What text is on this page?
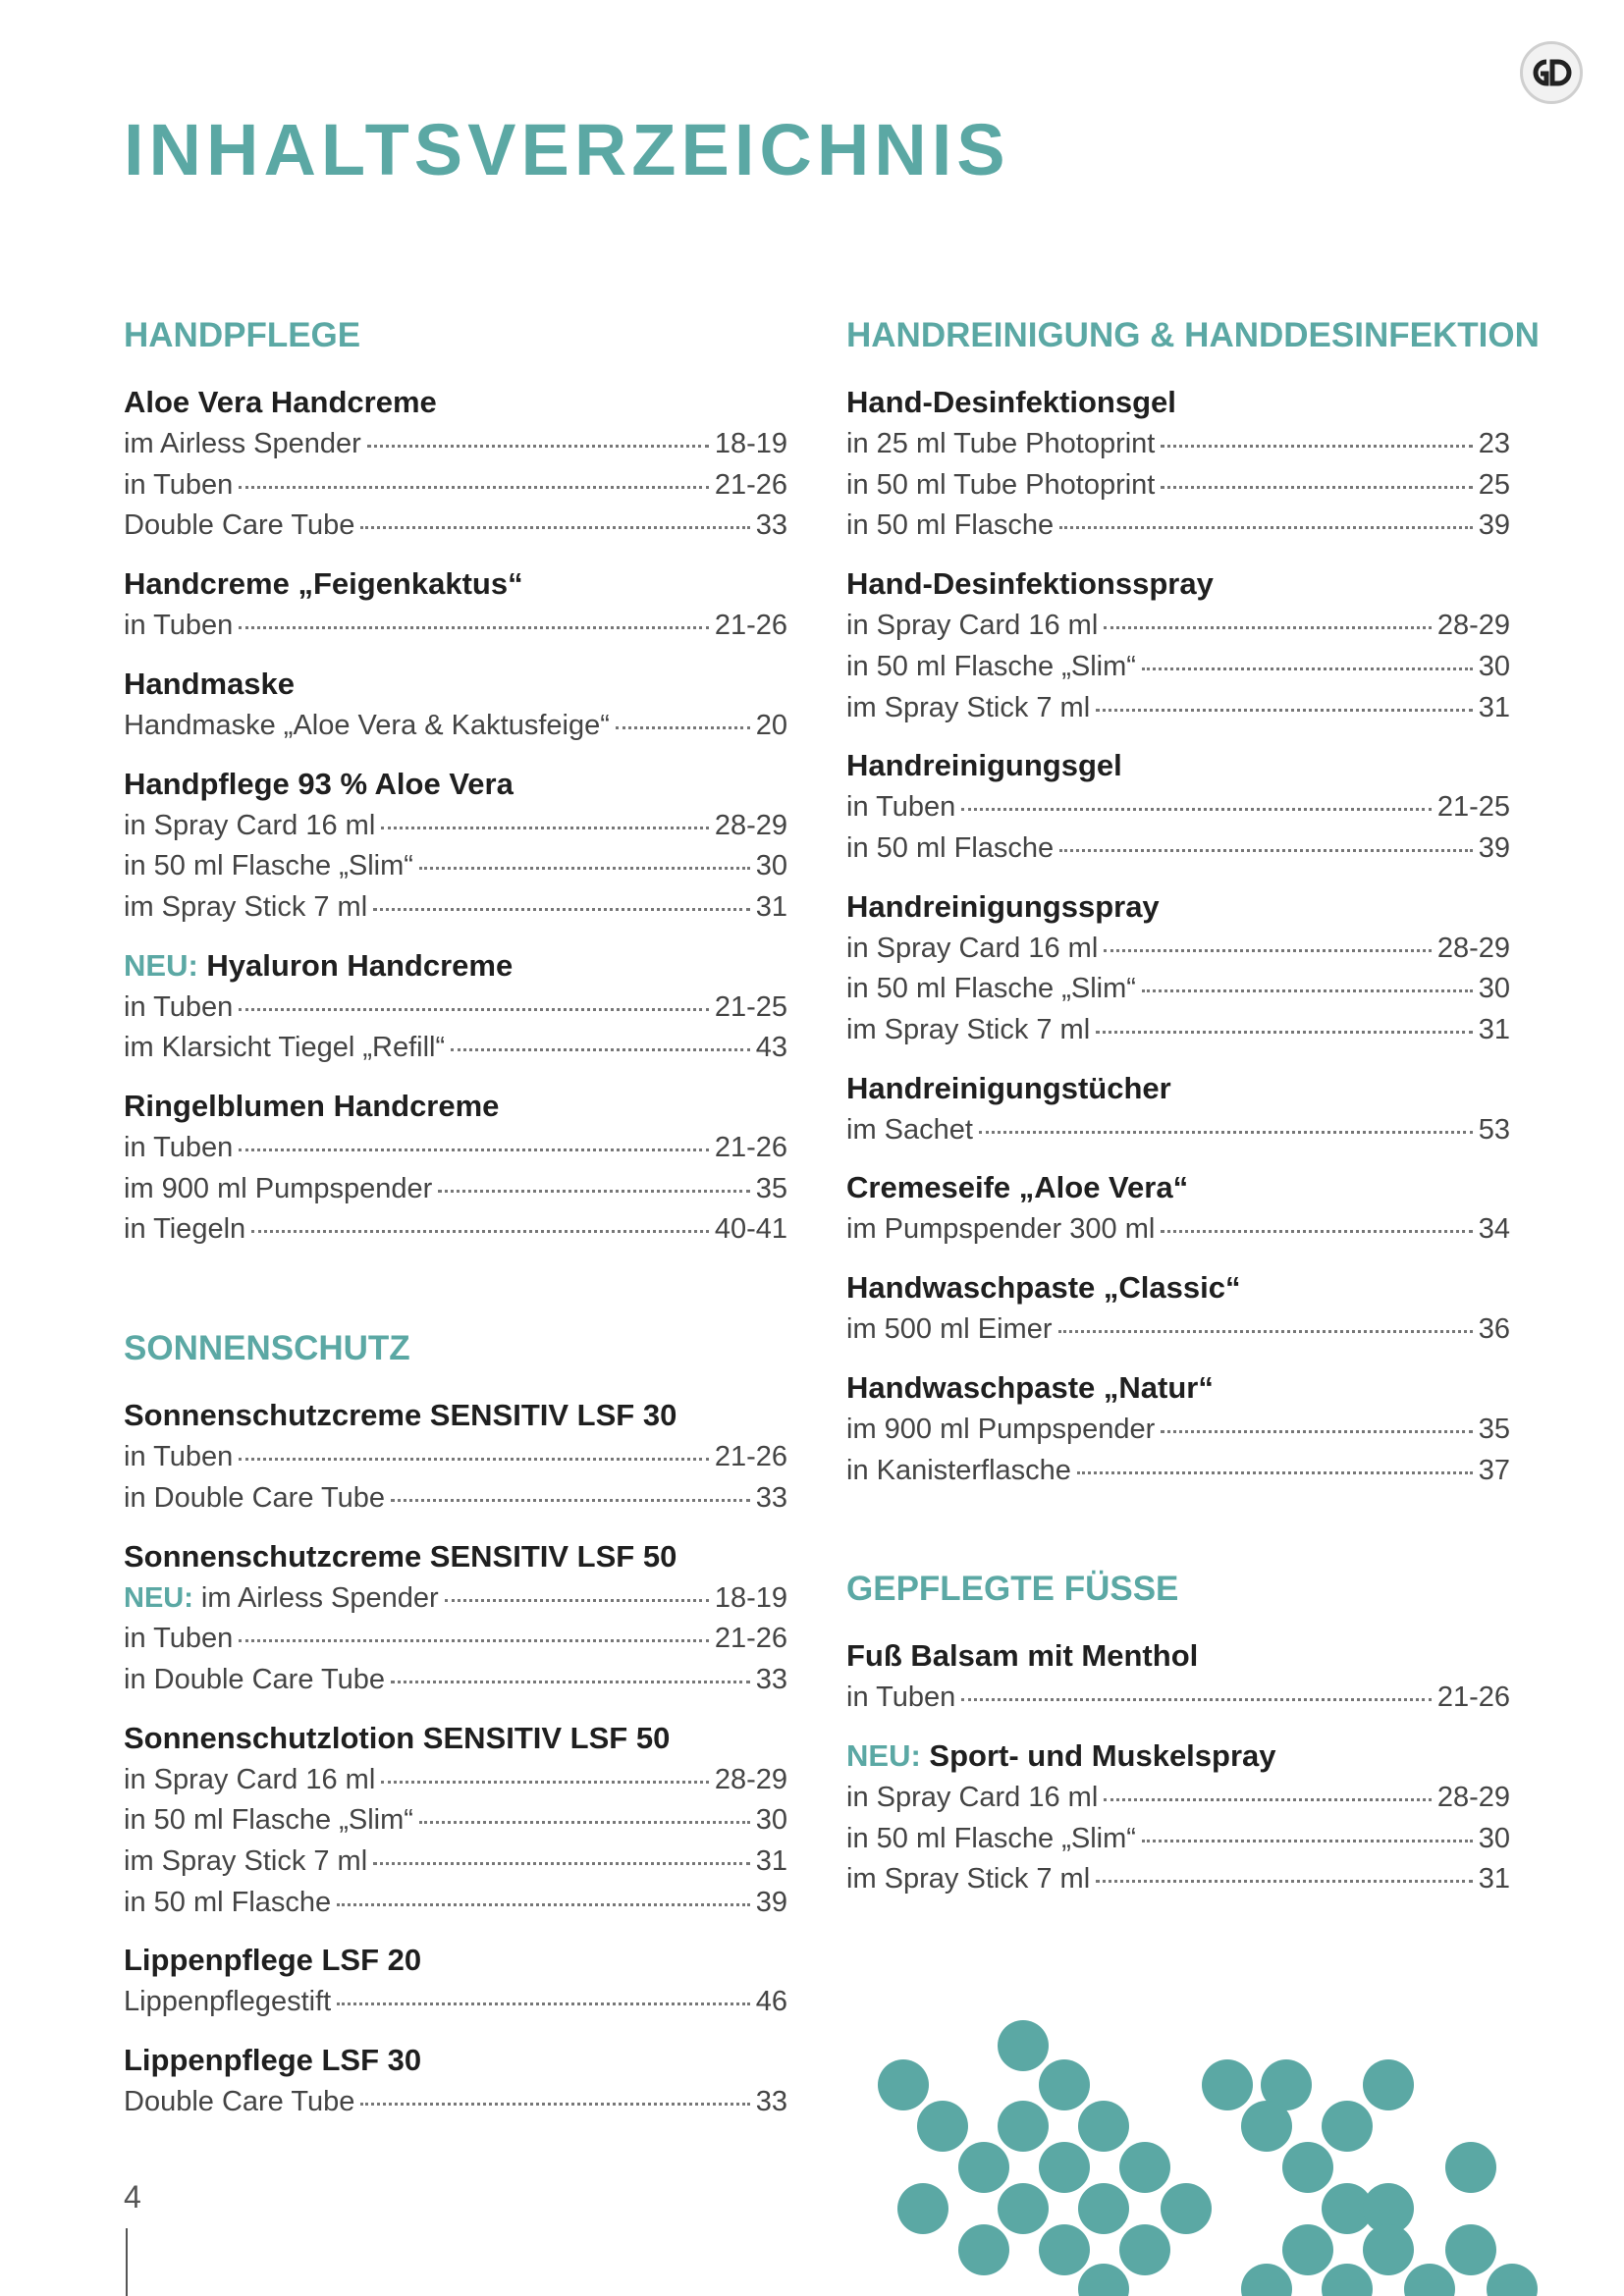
INHALTSVERZEICHNIS
HANDPFLEGE
Aloe Vera Handcreme
im Airless Spender	18-19
in Tuben	21-26
Double Care Tube	33
Handcreme „Feigenkaktus“
in Tuben	21-26
Handmaske
Handmaske „Aloe Vera & Kaktusfeige“	20
Handpflege 93 % Aloe Vera
in Spray Card 16 ml	28-29
in 50 ml Flasche „Slim“	30
im Spray Stick 7 ml	31
NEU: Hyaluron Handcreme
in Tuben	21-25
im Klarsicht Tiegel „Refill“	43
Ringelblumen Handcreme
in Tuben	21-26
im 900 ml Pumpspender	35
in Tiegeln	40-41
SONNENSCHUTZ
Sonnenschutzcreme SENSITIV LSF 30
in Tuben	21-26
in Double Care Tube	33
Sonnenschutzcreme SENSITIV LSF 50
NEU: im Airless Spender	18-19
in Tuben	21-26
in Double Care Tube	33
Sonnenschutzlotion SENSITIV LSF 50
in Spray Card 16 ml	28-29
in 50 ml Flasche „Slim“	30
im Spray Stick 7 ml	31
in 50 ml Flasche	39
Lippenpflege LSF 20
Lippenpflegestift	46
Lippenpflege LSF 30
Double Care Tube	33
HANDREINIGUNG & HANDDESINFEKTION
Hand-Desinfektionsgel
in 25 ml Tube Photoprint	23
in 50 ml Tube Photoprint	25
in 50 ml Flasche	39
Hand-Desinfektionsspray
in Spray Card 16 ml	28-29
in 50 ml Flasche „Slim“	30
im Spray Stick 7 ml	31
Handreinigungsgel
in Tuben	21-25
in 50 ml Flasche	39
Handreinigungsspray
in Spray Card 16 ml	28-29
in 50 ml Flasche „Slim“	30
im Spray Stick 7 ml	31
Handreinigungstücher
im Sachet	53
Cremeseife „Aloe Vera“
im Pumpspender 300 ml	34
Handwaschpaste „Classic“
im 500 ml Eimer	36
Handwaschpaste „Natur“
im 900 ml Pumpspender	35
in Kanisterflasche	37
GEPFLEGTE FÜSSE
Fuß Balsam mit Menthol
in Tuben	21-26
NEU: Sport- und Muskelspray
in Spray Card 16 ml	28-29
in 50 ml Flasche „Slim“	30
im Spray Stick 7 ml	31
4
